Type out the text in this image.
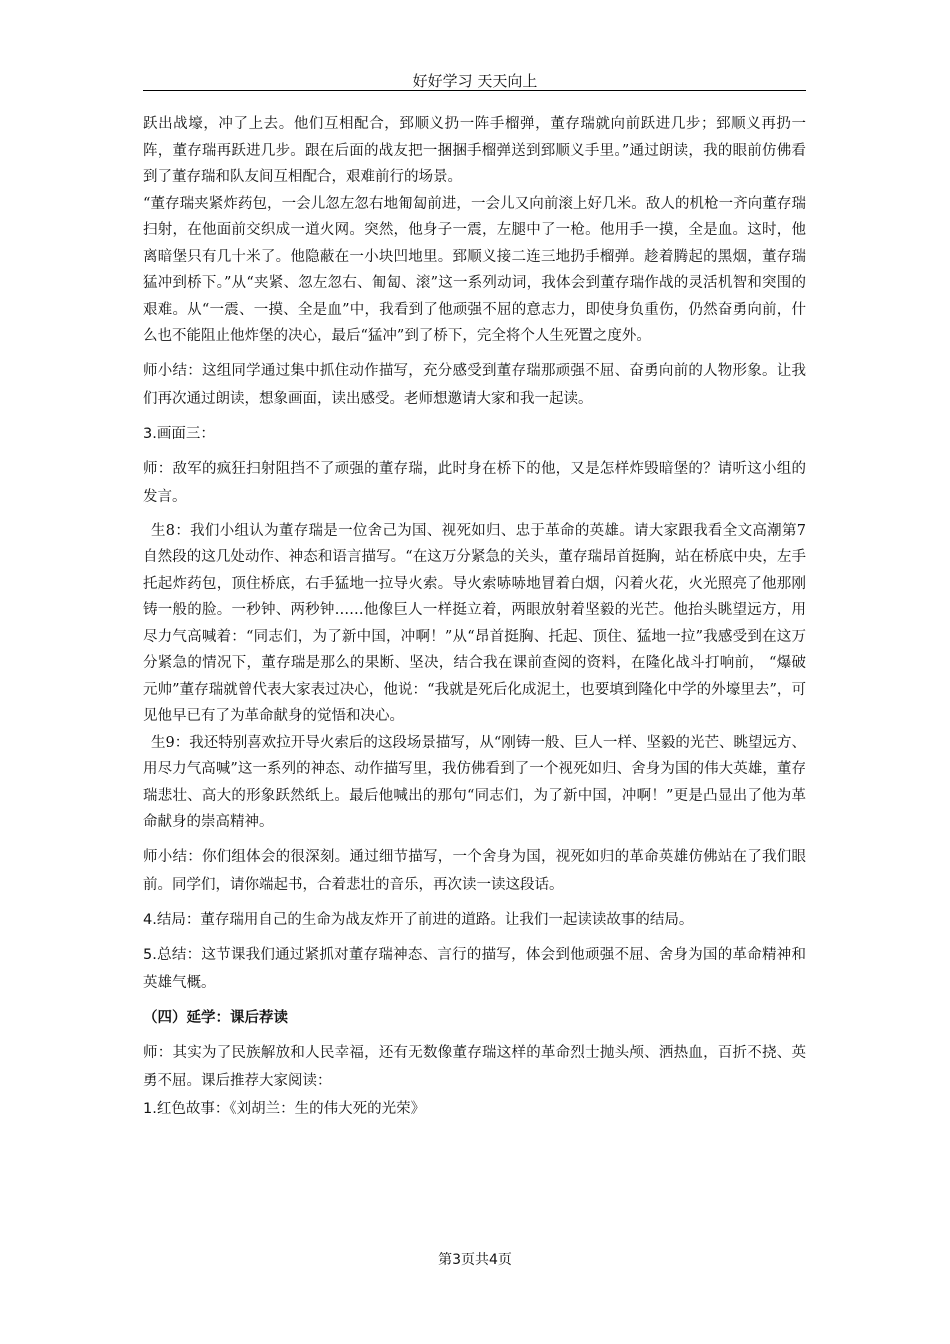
好好学习 天天向上

跃出战壕，冲了上去。他们互相配合，郅顺义扔一阵手榴弹，董存瑞就向前跃进几步；郅顺义再扔一阵，董存瑞再跃进几步。跟在后面的战友把一捆捆手榴弹送到郅顺义手里。”通过朗读，我的眼前仿佛看到了董存瑞和队友间互相配合，艰难前行的场景。

“董存瑞夹紧炸药包，一会儿忽左忽右地匍匐前进，一会儿又向前滚上好几米。敌人的机枪一齐向董存瑞扫射，在他面前交织成一道火网。突然，他身子一震，左腿中了一枪。他用手一摸，全是血。这时，他离暗堡只有几十米了。他隐蔽在一小块凹地里。郅顺义接二连三地扔手榴弹。趁着腾起的黑烟，董存瑞猛冲到桥下。”从“夹紧、忽左忽右、匍匐、滚”这一系列动词，我体会到董存瑞作战的灵活机智和突围的艰难。从“一震、一摸、全是血”中，我看到了他顽强不屈的意志力，即使身负重伤，仍然奋勇向前，什么也不能阻止他炸堡的决心，最后“猛冲”到了桥下，完全将个人生死置之度外。

师小结：这组同学通过集中抓住动作描写，充分感受到董存瑞那顽强不屈、奋勇向前的人物形象。让我们再次通过朗读，想象画面，读出感受。老师想邀请大家和我一起读。

3.画面三：

师：敌军的疯狂扫射阻挡不了顽强的董存瑞，此时身在桥下的他，又是怎样炸毁暗堡的？请听这小组的发言。

生8：我们小组认为董存瑞是一位舍己为国、视死如归、忠于革命的英雄。请大家跟我看全文高潮第7自然段的这几处动作、神态和语言描写。“在这万分紧急的关头，董存瑞昂首挺胸，站在桥底中央，左手托起炸药包，顶住桥底，右手猛地一拉导火索。导火索哧哧地冒着白烟，闪着火花，火光照亮了他那刚铸一般的脸。一秒钟、两秒钟……他像巨人一样挺立着，两眼放射着坚毅的光芒。他抬头眺望远方，用尽力气高喊着：“同志们，为了新中国，冲啊！”从“昂首挺胸、托起、顶住、猛地一拉”我感受到在这万分紧急的情况下，董存瑞是那么的果断、坚决，结合我在课前查阅的资料，在隆化战斗打响前， “爆破元帅”董存瑞就曾代表大家表过决心，他说：“我就是死后化成泥土，也要填到隆化中学的外壕里去”，可见他早已有了为革命献身的觉悟和决心。

生9：我还特别喜欢拉开导火索后的这段场景描写，从“刚铸一般、巨人一样、坚毅的光芒、眺望远方、用尽力气高喊”这一系列的神态、动作描写里，我仿佛看到了一个视死如归、舍身为国的伟大英雄，董存瑞悲壮、高大的形象跃然纸上。最后他喊出的那句“同志们，为了新中国，冲啊！”更是凸显出了他为革命献身的崇高精神。

师小结：你们组体会的很深刻。通过细节描写，一个舍身为国，视死如归的革命英雄仿佛站在了我们眼前。同学们，请你端起书，合着悲壮的音乐，再次读一读这段话。

4.结局：董存瑞用自己的生命为战友炸开了前进的道路。让我们一起读读故事的结局。

5.总结：这节课我们通过紧抓对董存瑞神态、言行的描写，体会到他顽强不屈、舍身为国的革命精神和英雄气概。

（四）延学：课后荐读

师：其实为了民族解放和人民幸福，还有无数像董存瑞这样的革命烈士抛头颅、洒热血，百折不挠、英勇不屈。课后推荐大家阅读：

1.红色故事：《刘胡兰：生的伟大死的光荣》

第3页共4页
